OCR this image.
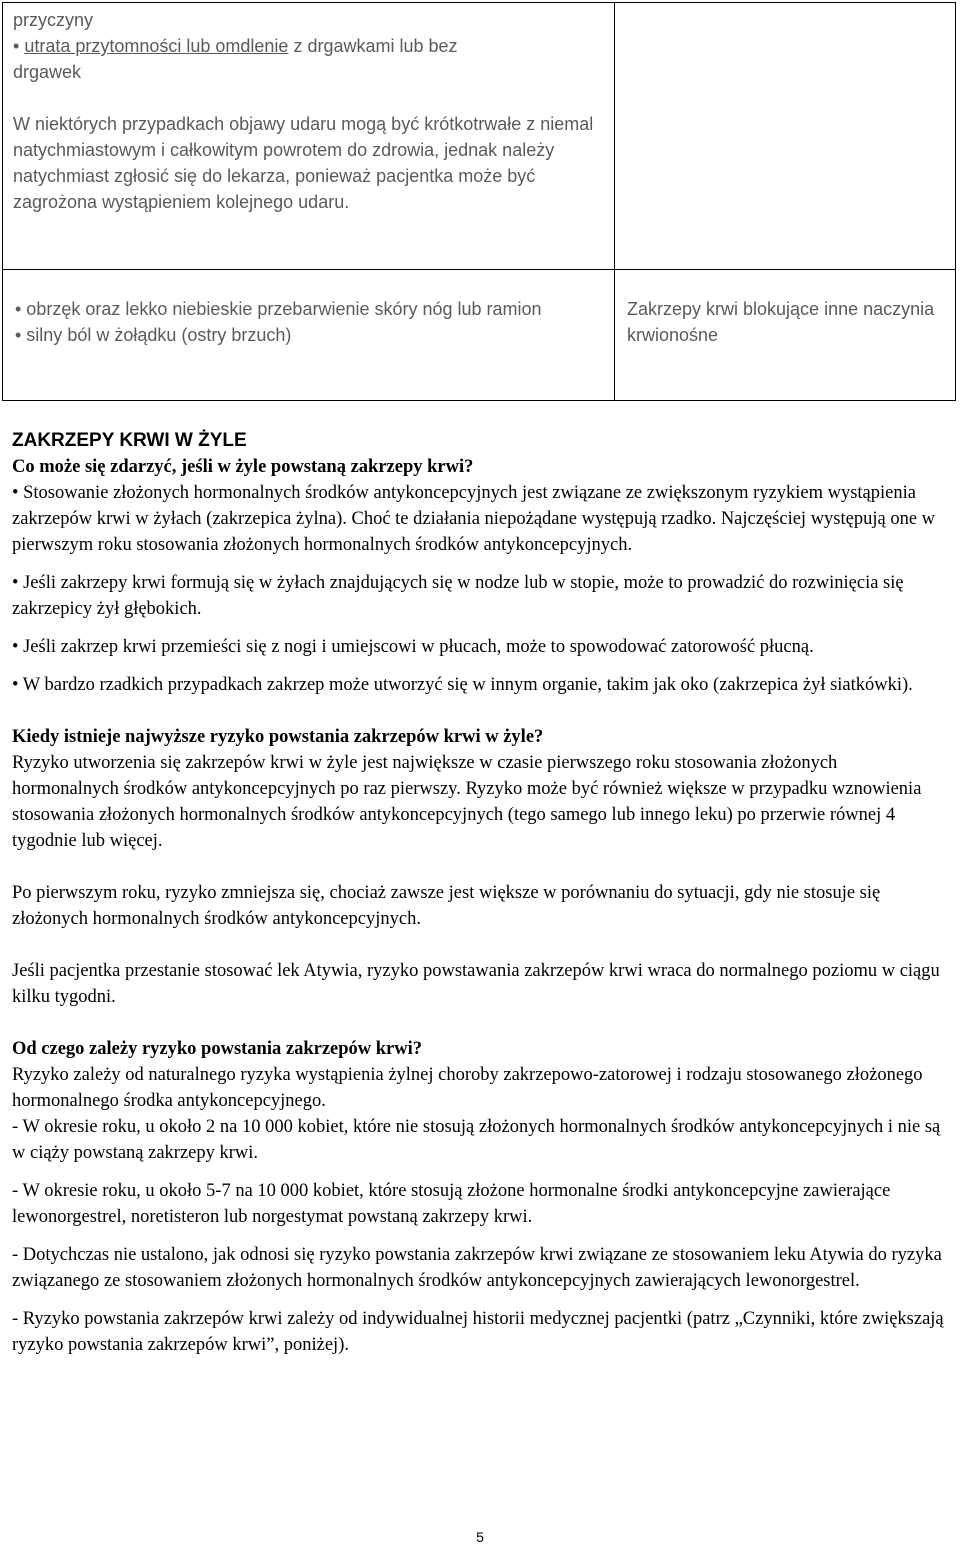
przyczyny
• utrata przytomności lub omdlenie z drgawkami lub bez
drgawek
W niektórych przypadkach objawy udaru mogą być krótkotrwałe z niemal natychmiastowym i całkowitym powrotem do zdrowia, jednak należy natychmiast zgłosić się do lekarza, ponieważ pacjentka może być zagrożona wystąpieniem kolejnego udaru.	

• obrzęk oraz lekko niebieskie przebarwienie skóry nóg lub ramion
• silny ból w żołądku (ostry brzuch)	Zakrzepy krwi blokujące inne naczynia krwionośne

ZAKRZEPY KRWI W ŻYLE

Co może się zdarzyć, jeśli w żyle powstaną zakrzepy krwi?

• Stosowanie złożonych hormonalnych środków antykoncepcyjnych jest związane ze zwiększonym ryzykiem wystąpienia zakrzepów krwi w żyłach (zakrzepica żylna). Choć te działania niepożądane występują rzadko. Najczęściej występują one w pierwszym roku stosowania złożonych hormonalnych środków antykoncepcyjnych.

• Jeśli zakrzepy krwi formują się w żyłach znajdujących się w nodze lub w stopie, może to prowadzić do rozwinięcia się zakrzepicy żył głębokich.

• Jeśli zakrzep krwi przemieści się z nogi i umiejscowi w płucach, może to spowodować zatorowość płucną.

• W bardzo rzadkich przypadkach zakrzep może utworzyć się w innym organie, takim jak oko (zakrzepica żył siatkówki).

Kiedy istnieje najwyższe ryzyko powstania zakrzepów krwi w żyle?

Ryzyko utworzenia się zakrzepów krwi w żyle jest największe w czasie pierwszego roku stosowania złożonych hormonalnych środków antykoncepcyjnych po raz pierwszy. Ryzyko może być również większe w przypadku wznowienia stosowania złożonych hormonalnych środków antykoncepcyjnych (tego samego lub innego leku) po przerwie równej 4 tygodnie lub więcej.

Po pierwszym roku, ryzyko zmniejsza się, chociaż zawsze jest większe w porównaniu do sytuacji, gdy nie stosuje się złożonych hormonalnych środków antykoncepcyjnych.

Jeśli pacjentka przestanie stosować lek Atywia, ryzyko powstawania zakrzepów krwi wraca do normalnego poziomu w ciągu kilku tygodni.

Od czego zależy ryzyko powstania zakrzepów krwi?

Ryzyko zależy od naturalnego ryzyka wystąpienia żylnej choroby zakrzepowo-zatorowej i rodzaju stosowanego złożonego hormonalnego środka antykoncepcyjnego.

- W okresie roku, u około 2 na 10 000 kobiet, które nie stosują złożonych hormonalnych środków antykoncepcyjnych i nie są w ciąży powstaną zakrzepy krwi.

- W okresie roku, u około 5-7 na 10 000 kobiet, które stosują złożone hormonalne środki antykoncepcyjne zawierające lewonorgestrel, noretisteron lub norgestymat powstaną zakrzepy krwi.

- Dotychczas nie ustalono, jak odnosi się ryzyko powstania zakrzepów krwi związane ze stosowaniem leku Atywia do ryzyka związanego ze stosowaniem złożonych hormonalnych środków antykoncepcyjnych zawierających lewonorgestrel.

- Ryzyko powstania zakrzepów krwi zależy od indywidualnej historii medycznej pacjentki (patrz „Czynniki, które zwiększają ryzyko powstania zakrzepów krwi”, poniżej).

5
